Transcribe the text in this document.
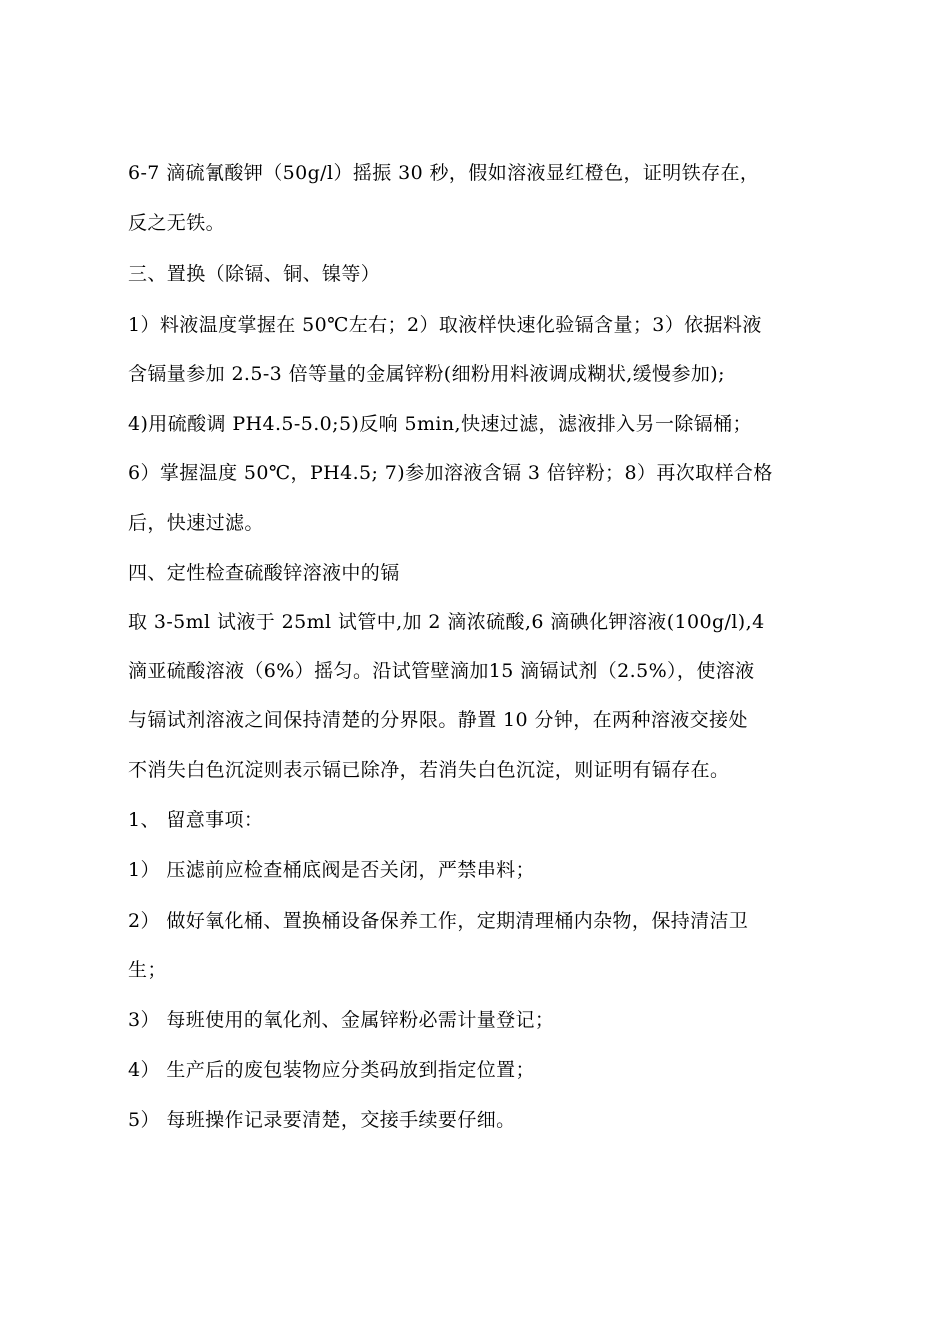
6-7 滴硫氰酸钾（50g/l）摇振 30 秒，假如溶液显红橙色，证明铁存在，
反之无铁。
三、置换（除镉、铜、镍等）
1）料液温度掌握在 50℃左右；2）取液样快速化验镉含量；3）依据料液
含镉量参加 2.5-3 倍等量的金属锌粉(细粉用料液调成糊状,缓慢参加);
4)用硫酸调 PH4.5-5.0;5)反响 5min,快速过滤，滤液排入另一除镉桶；
6）掌握温度 50℃，PH4.5; 7)参加溶液含镉 3 倍锌粉；8）再次取样合格
后，快速过滤。
四、定性检查硫酸锌溶液中的镉
取 3-5ml 试液于 25ml 试管中,加 2 滴浓硫酸,6 滴碘化钾溶液(100g/l),4
滴亚硫酸溶液（6%）摇匀。沿试管壁滴加15 滴镉试剂（2.5%），使溶液
与镉试剂溶液之间保持清楚的分界限。静置 10 分钟，在两种溶液交接处
不消失白色沉淀则表示镉已除净，若消失白色沉淀，则证明有镉存在。
1、 留意事项：
1） 压滤前应检查桶底阀是否关闭，严禁串料；
2） 做好氧化桶、置换桶设备保养工作，定期清理桶内杂物，保持清洁卫
生；
3） 每班使用的氧化剂、金属锌粉必需计量登记；
4） 生产后的废包装物应分类码放到指定位置；
5） 每班操作记录要清楚，交接手续要仔细。
